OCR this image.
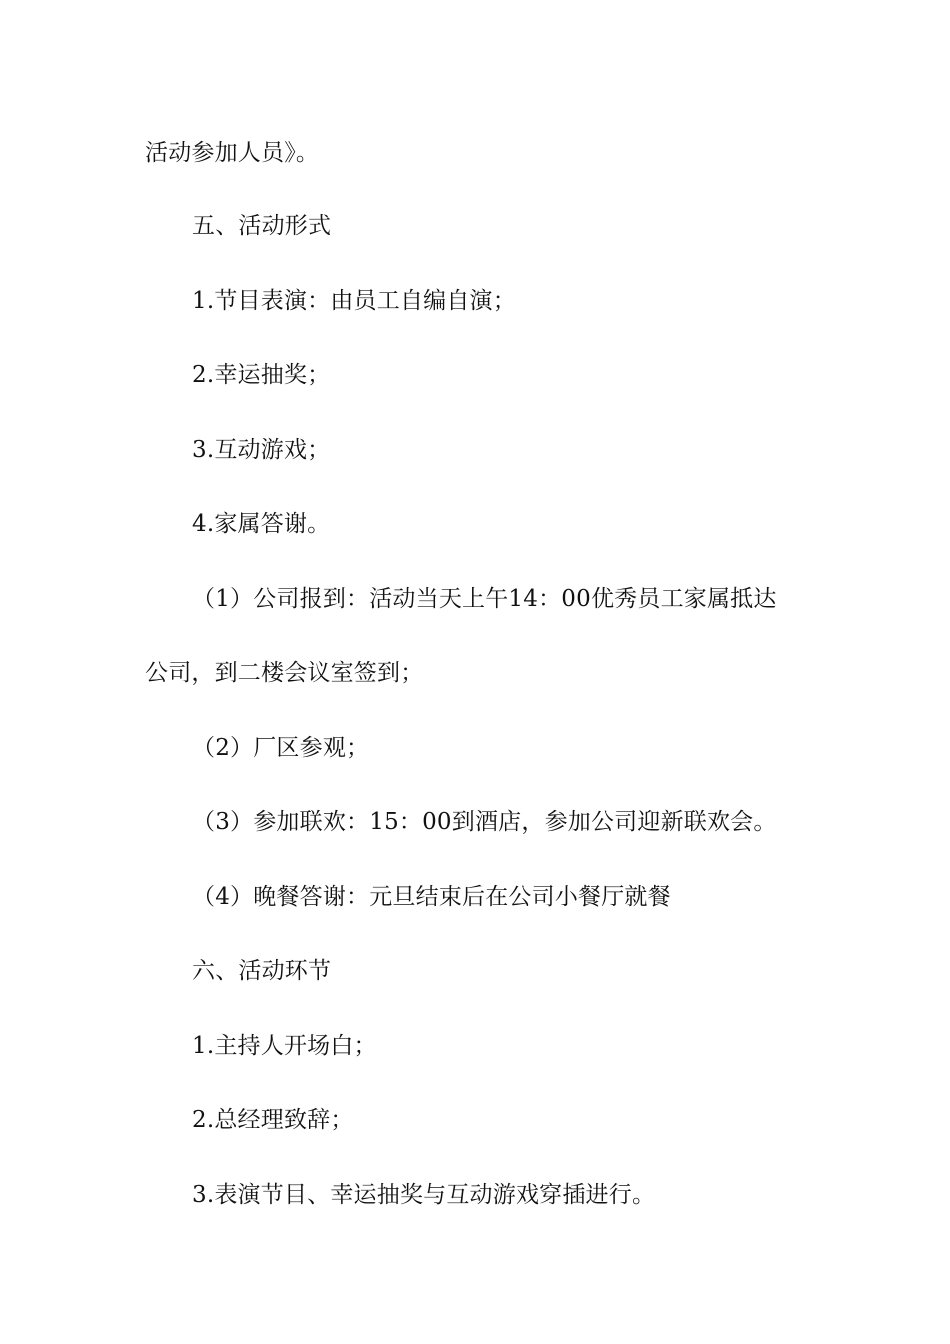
活动参加人员》。
五、活动形式
1.节目表演：由员工自编自演；
2.幸运抽奖；
3.互动游戏；
4.家属答谢。
（1）公司报到：活动当天上午14：00优秀员工家属抵达
公司，到二楼会议室签到；
（2）厂区参观；
（3）参加联欢：15：00到酒店，参加公司迎新联欢会。
（4）晚餐答谢：元旦结束后在公司小餐厅就餐
六、活动环节
1.主持人开场白；
2.总经理致辞；
3.表演节目、幸运抽奖与互动游戏穿插进行。
